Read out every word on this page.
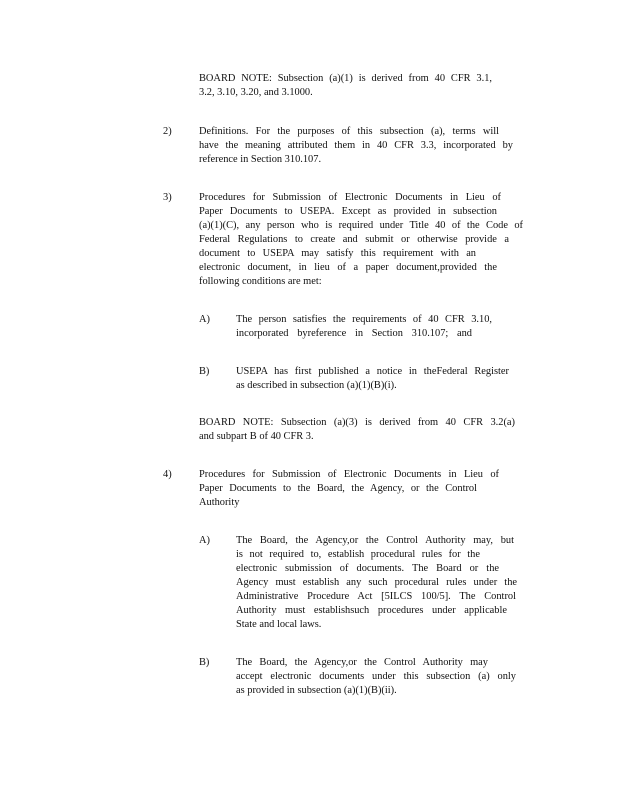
BOARD NOTE: Subsection (a)(1) is derived from 40 CFR 3.1,
3.2, 3.10, 3.20, and 3.1000.
2)	Definitions. For the purposes of this subsection (a), terms will
have the meaning attributed them in 40 CFR 3.3, incorporated by
reference in Section 310.107.
3)	Procedures for Submission of Electronic Documents in Lieu of
Paper Documents to USEPA. Except as provided in subsection
(a)(1)(C), any person who is required under Title 40 of the Code of
Federal Regulations to create and submit or otherwise provide a
document to USEPA may satisfy this requirement with an
electronic document, in lieu of a paper document,provided the
following conditions are met:
A)	The person satisfies the requirements of 40 CFR 3.10,
incorporated byreference in Section 310.107; and
B)	USEPA has first published a notice in theFederal Register
as described in subsection (a)(1)(B)(i).
BOARD NOTE: Subsection (a)(3) is derived from 40 CFR 3.2(a)
and subpart B of 40 CFR 3.
4)	Procedures for Submission of Electronic Documents in Lieu of
Paper Documents to the Board, the Agency, or the Control
Authority
A)	The Board, the Agency,or the Control Authority may, but
is not required to, establish procedural rules for the
electronic submission of documents. The Board or the
Agency must establish any such procedural rules under the
Administrative Procedure Act [5ILCS 100/5]. The Control
Authority must establishsuch procedures under applicable
State and local laws.
B)	The Board, the Agency,or the Control Authority may
accept electronic documents under this subsection (a) only
as provided in subsection (a)(1)(B)(ii).
